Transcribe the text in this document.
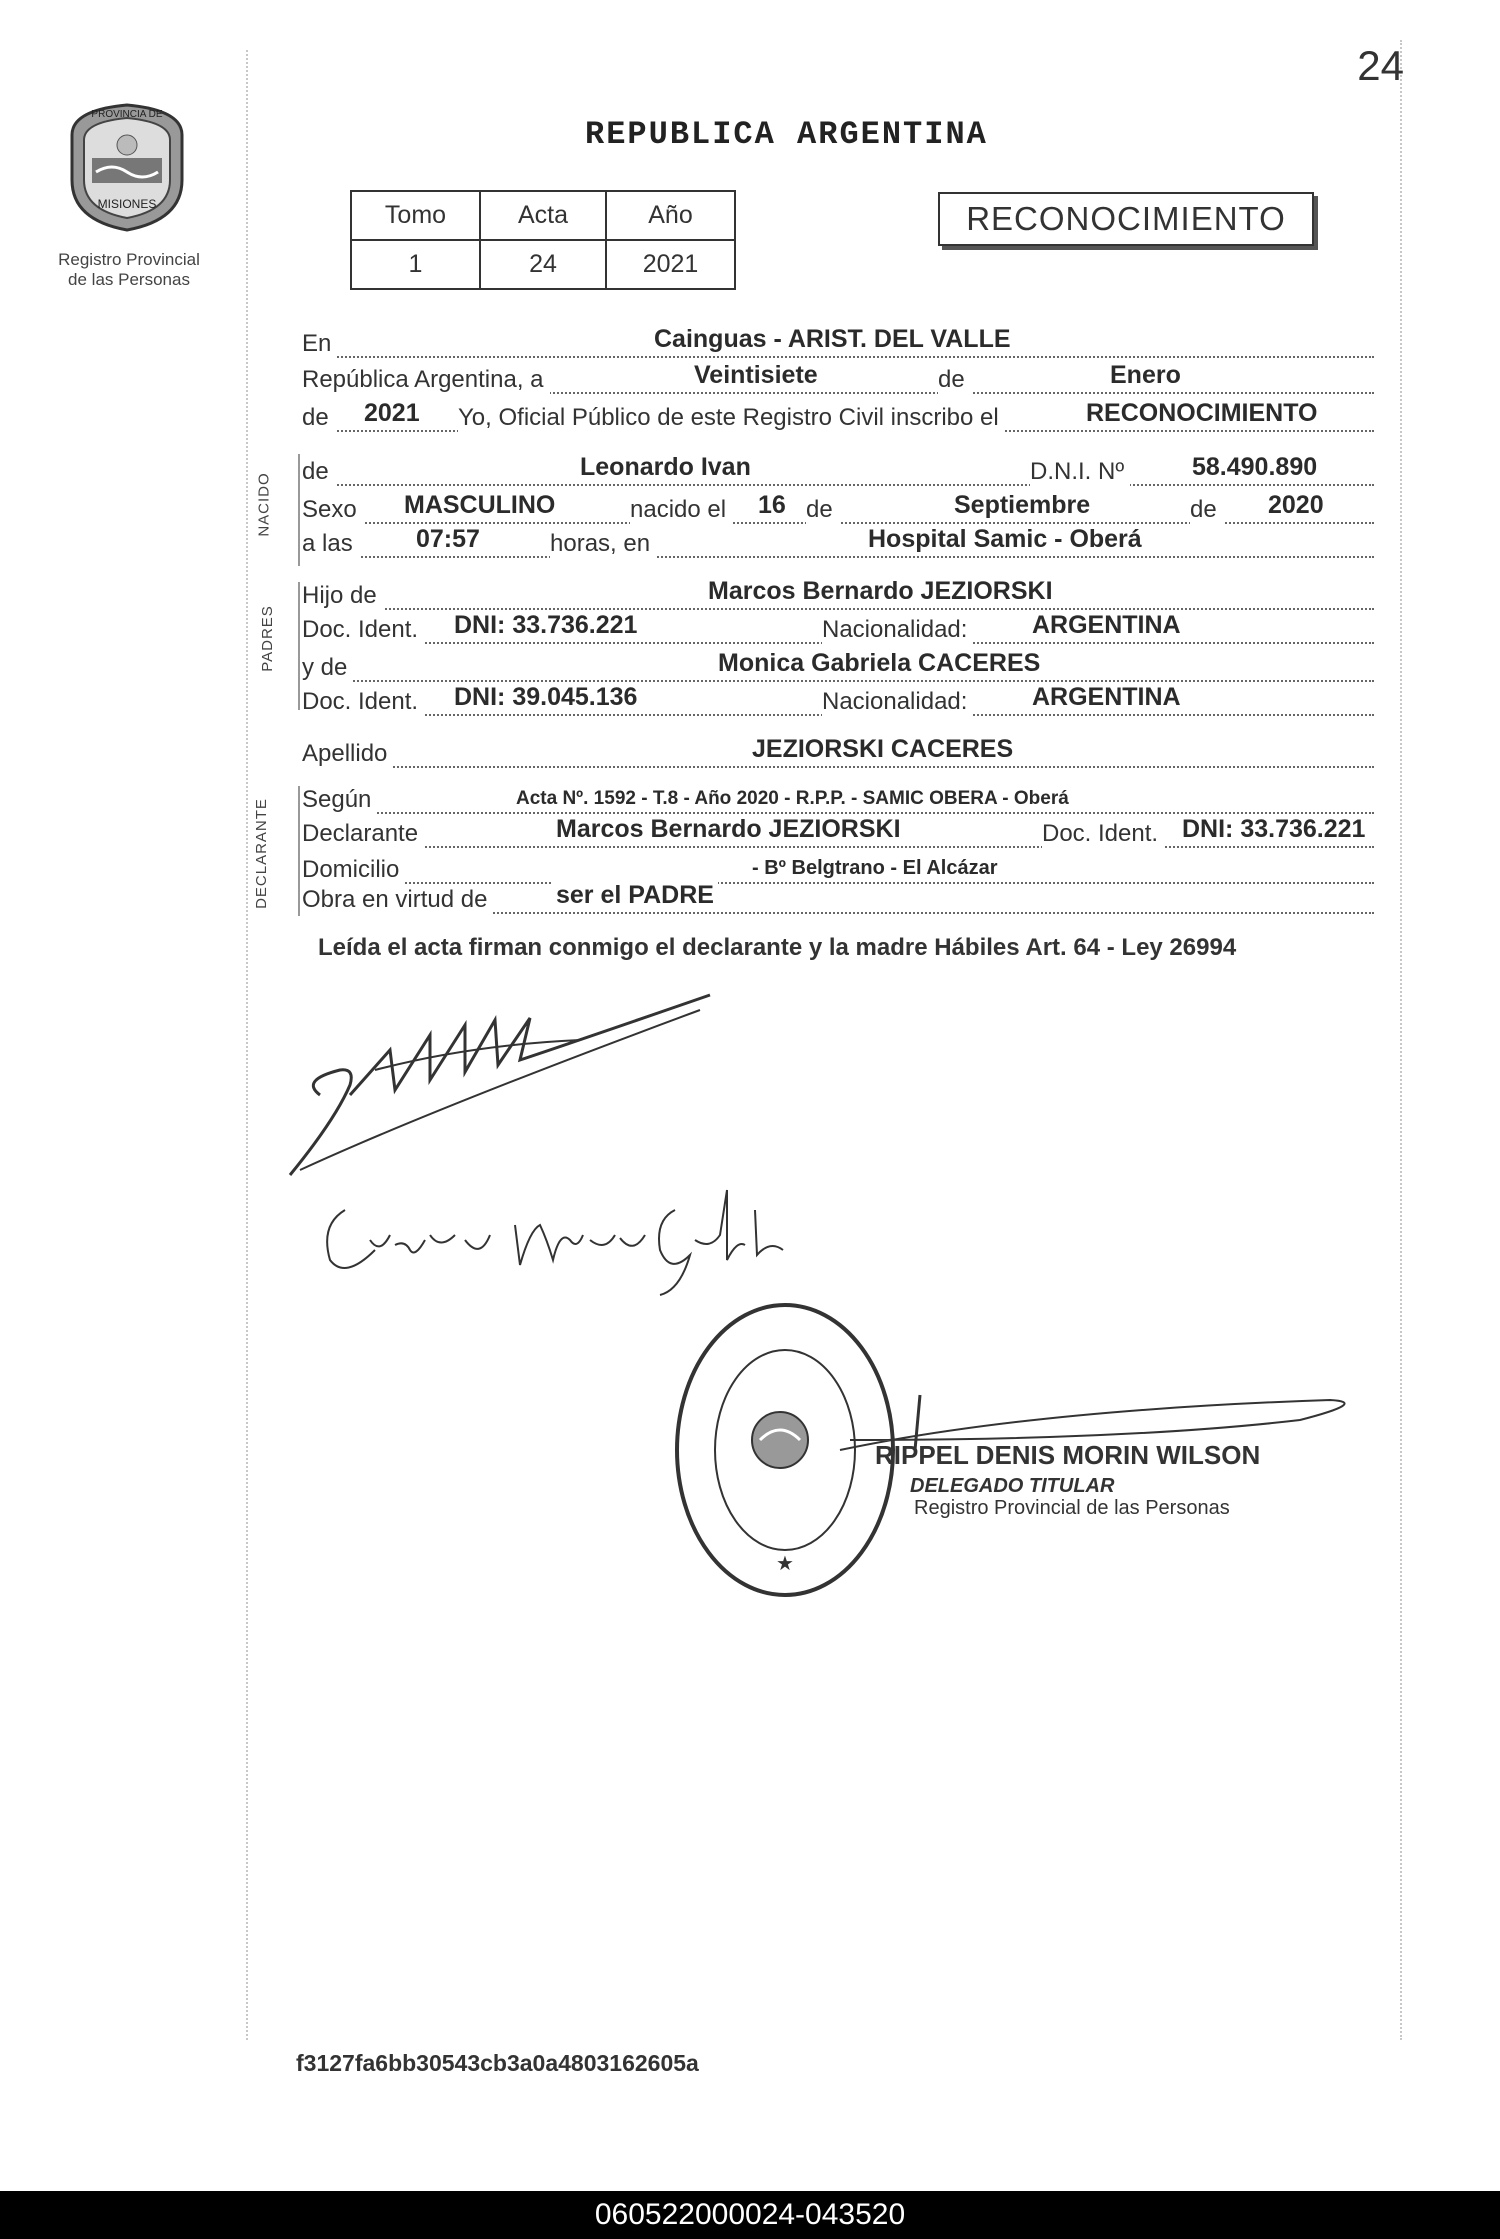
24
PROVINCIA DE
MISIONES
Registro Provincial
de las Personas
REPUBLICA ARGENTINA
Tomo	Acta	Año
1	24	2021
RECONOCIMIENTO
En	Cainguas - ARIST. DEL VALLE
República Argentina, a	Veintisiete	de	Enero
de 2021 Yo, Oficial Público de este Registro Civil inscribo el	RECONOCIMIENTO
NACIDO
de	Leonardo Ivan	D.N.I. Nº	58.490.890
Sexo MASCULINO	nacido el 16 de	Septiembre	de 2020
a las	07:57	horas, en	Hospital Samic - Oberá
PADRES
Hijo de	Marcos Bernardo JEZIORSKI
Doc. Ident. DNI: 33.736.221	Nacionalidad:	ARGENTINA
y de	Monica Gabriela CACERES
Doc. Ident. DNI: 39.045.136	Nacionalidad:	ARGENTINA
Apellido	JEZIORSKI CACERES
DECLARANTE Según	Acta Nº. 1592 - T.8 - Año 2020 - R.P.P. - SAMIC OBERA - Oberá
Declarante	Marcos Bernardo JEZIORSKI	Doc. Ident. DNI: 33.736.221
Domicilio	- Bº Belgtrano - El Alcázar
Obra en virtud de	ser el PADRE
Leída el acta firman conmigo el declarante y la madre Hábiles Art. 64 - Ley 26994
★
RIPPEL DENIS MORIN WILSON
DELEGADO TITULAR
Registro Provincial de las Personas
f3127fa6bb30543cb3a0a4803162605a
060522000024-043520
